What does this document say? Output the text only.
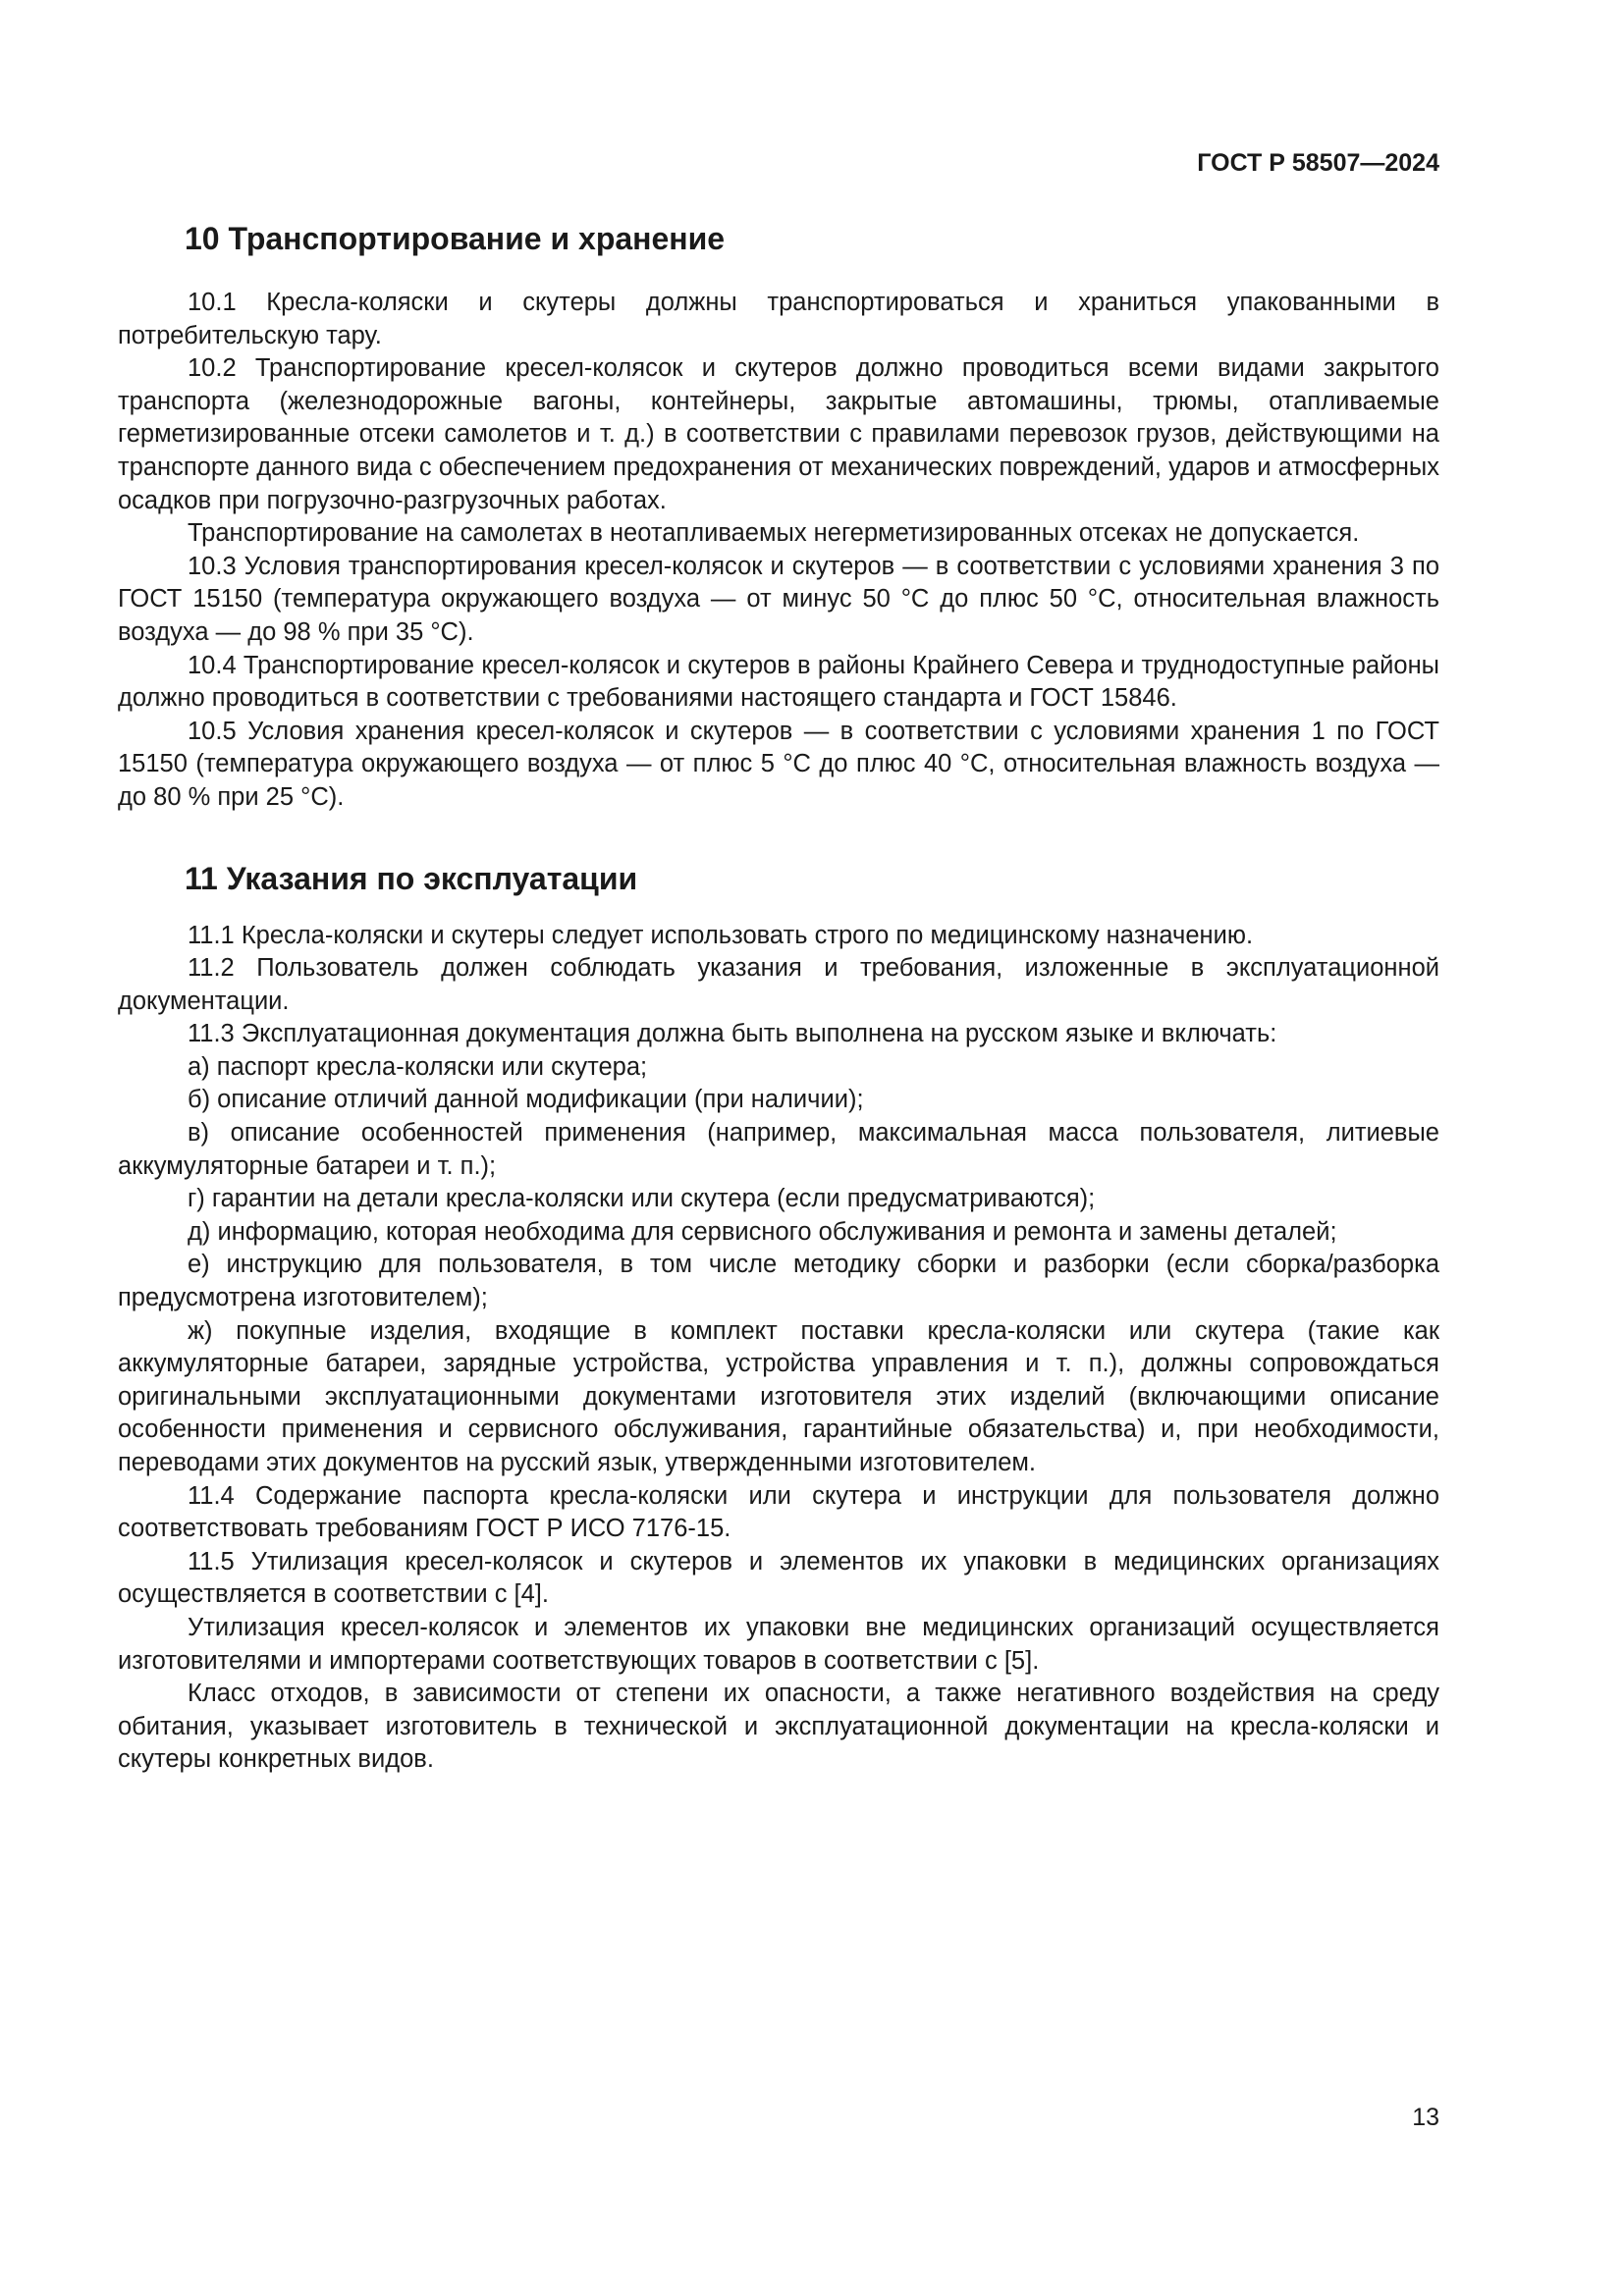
ГОСТ Р 58507—2024
10 Транспортирование и хранение

10.1 Кресла-коляски и скутеры должны транспортироваться и храниться упакованными в потребительскую тару.

10.2 Транспортирование кресел-колясок и скутеров должно проводиться всеми видами закрытого транспорта (железнодорожные вагоны, контейнеры, закрытые автомашины, трюмы, отапливаемые герметизированные отсеки самолетов и т. д.) в соответствии с правилами перевозок грузов, действующими на транспорте данного вида с обеспечением предохранения от механических повреждений, ударов и атмосферных осадков при погрузочно-разгрузочных работах.

Транспортирование на самолетах в неотапливаемых негерметизированных отсеках не допускается.

10.3 Условия транспортирования кресел-колясок и скутеров — в соответствии с условиями хранения 3 по ГОСТ 15150 (температура окружающего воздуха — от минус 50 °С до плюс 50 °С, относительная влажность воздуха — до 98 % при 35 °С).

10.4 Транспортирование кресел-колясок и скутеров в районы Крайнего Севера и труднодоступные районы должно проводиться в соответствии с требованиями настоящего стандарта и ГОСТ 15846.

10.5 Условия хранения кресел-колясок и скутеров — в соответствии с условиями хранения 1 по ГОСТ 15150 (температура окружающего воздуха — от плюс 5 °С до плюс 40 °С, относительная влажность воздуха — до 80 % при 25 °С).

11 Указания по эксплуатации

11.1 Кресла-коляски и скутеры следует использовать строго по медицинскому назначению.

11.2 Пользователь должен соблюдать указания и требования, изложенные в эксплуатационной документации.

11.3 Эксплуатационная документация должна быть выполнена на русском языке и включать:

а) паспорт кресла-коляски или скутера;

б) описание отличий данной модификации (при наличии);

в) описание особенностей применения (например, максимальная масса пользователя, литиевые аккумуляторные батареи и т. п.);

г) гарантии на детали кресла-коляски или скутера (если предусматриваются);

д) информацию, которая необходима для сервисного обслуживания и ремонта и замены деталей;

е) инструкцию для пользователя, в том числе методику сборки и разборки (если сборка/разборка предусмотрена изготовителем);

ж) покупные изделия, входящие в комплект поставки кресла-коляски или скутера (такие как аккумуляторные батареи, зарядные устройства, устройства управления и т. п.), должны сопровождаться оригинальными эксплуатационными документами изготовителя этих изделий (включающими описание особенности применения и сервисного обслуживания, гарантийные обязательства) и, при необходимости, переводами этих документов на русский язык, утвержденными изготовителем.

11.4 Содержание паспорта кресла-коляски или скутера и инструкции для пользователя должно соответствовать требованиям ГОСТ Р ИСО 7176-15.

11.5 Утилизация кресел-колясок и скутеров и элементов их упаковки в медицинских организациях осуществляется в соответствии с [4].

Утилизация кресел-колясок и элементов их упаковки вне медицинских организаций осуществляется изготовителями и импортерами соответствующих товаров в соответствии с [5].

Класс отходов, в зависимости от степени их опасности, а также негативного воздействия на среду обитания, указывает изготовитель в технической и эксплуатационной документации на кресла-коляски и скутеры конкретных видов.

13
